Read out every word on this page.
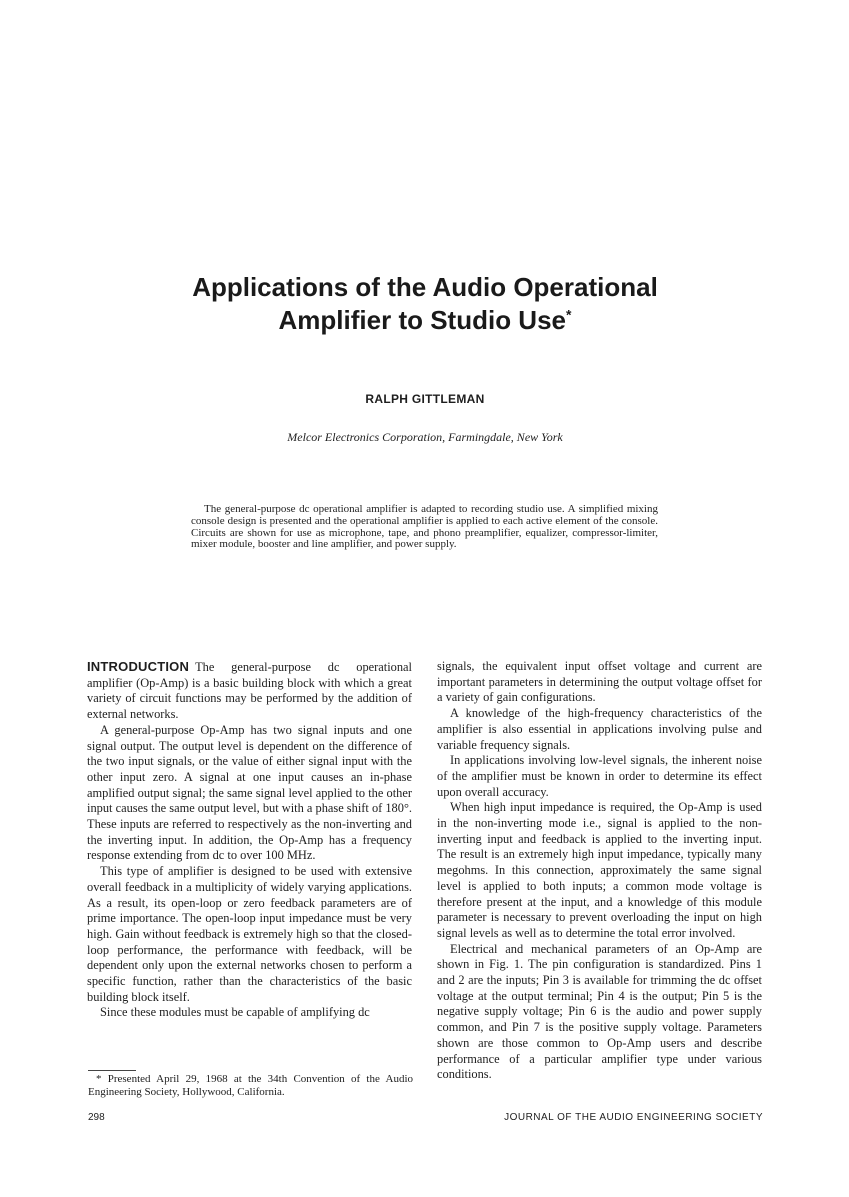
Applications of the Audio Operational
Amplifier to Studio Use*
RALPH GITTLEMAN
Melcor Electronics Corporation, Farmingdale, New York

The general-purpose dc operational amplifier is adapted to recording studio use. A simplified mixing console design is presented and the operational amplifier is applied to each active element of the console. Circuits are shown for use as microphone, tape, and phono preamplifier, equalizer, compressor-limiter, mixer module, booster and line amplifier, and power supply.

INTRODUCTION The general-purpose dc operational amplifier (Op-Amp) is a basic building block with which a great variety of circuit functions may be performed by the addition of external networks.

A general-purpose Op-Amp has two signal inputs and one signal output. The output level is dependent on the difference of the two input signals, or the value of either signal input with the other input zero. A signal at one input causes an in-phase amplified output signal; the same signal level applied to the other input causes the same output level, but with a phase shift of 180°. These inputs are referred to respectively as the non-inverting and the inverting input. In addition, the Op-Amp has a frequency response extending from dc to over 100 MHz.

This type of amplifier is designed to be used with extensive overall feedback in a multiplicity of widely varying applications. As a result, its open-loop or zero feedback parameters are of prime importance. The open-loop input impedance must be very high. Gain without feedback is extremely high so that the closed-loop performance, the performance with feedback, will be dependent only upon the external networks chosen to perform a specific function, rather than the characteristics of the basic building block itself.

Since these modules must be capable of amplifying dc

signals, the equivalent input offset voltage and current are important parameters in determining the output voltage offset for a variety of gain configurations.

A knowledge of the high-frequency characteristics of the amplifier is also essential in applications involving pulse and variable frequency signals.

In applications involving low-level signals, the inherent noise of the amplifier must be known in order to determine its effect upon overall accuracy.

When high input impedance is required, the Op-Amp is used in the non-inverting mode i.e., signal is applied to the non-inverting input and feedback is applied to the inverting input. The result is an extremely high input impedance, typically many megohms. In this connection, approximately the same signal level is applied to both inputs; a common mode voltage is therefore present at the input, and a knowledge of this module parameter is necessary to prevent overloading the input on high signal levels as well as to determine the total error involved.

Electrical and mechanical parameters of an Op-Amp are shown in Fig. 1. The pin configuration is standardized. Pins 1 and 2 are the inputs; Pin 3 is available for trimming the dc offset voltage at the output terminal; Pin 4 is the output; Pin 5 is the negative supply voltage; Pin 6 is the audio and power supply common, and Pin 7 is the positive supply voltage. Parameters shown are those common to Op-Amp users and describe performance of a particular amplifier type under various conditions.

* Presented April 29, 1968 at the 34th Convention of the Audio Engineering Society, Hollywood, California.

298	JOURNAL OF THE AUDIO ENGINEERING SOCIETY
